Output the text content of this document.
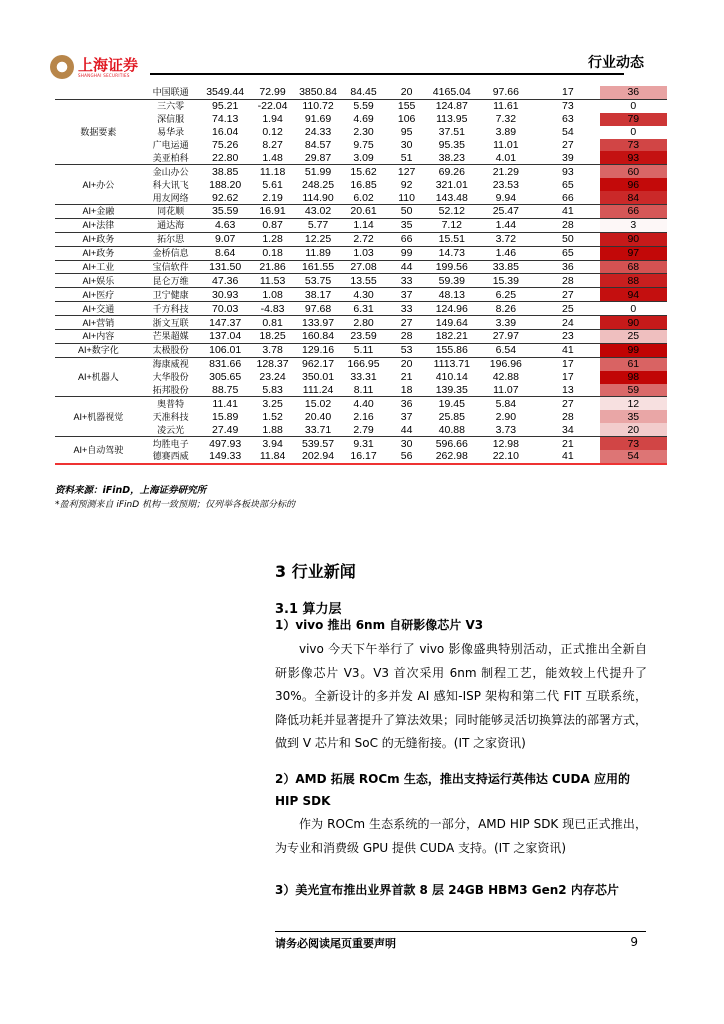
上海证券
SHANGHAI SECURITIES
行业动态
	中国联通	3549.44	72.99	3850.84	84.45	20	4165.04	97.66	17	36
数据要素	三六零	95.21	-22.04	110.72	5.59	155	124.87	11.61	73	0
	深信服	74.13	1.94	91.69	4.69	106	113.95	7.32	63	79
	易华录	16.04	0.12	24.33	2.30	95	37.51	3.89	54	0
	广电运通	75.26	8.27	84.57	9.75	30	95.35	11.01	27	73
	美亚柏科	22.80	1.48	29.87	3.09	51	38.23	4.01	39	93
AI+办公	金山办公	38.85	11.18	51.99	15.62	127	69.26	21.29	93	60
	科大讯飞	188.20	5.61	248.25	16.85	92	321.01	23.53	65	96
	用友网络	92.62	2.19	114.90	6.02	110	143.48	9.94	66	84
AI+金融	同花顺	35.59	16.91	43.02	20.61	50	52.12	25.47	41	66
AI+法律	通达海	4.63	0.87	5.77	1.14	35	7.12	1.44	28	3
AI+政务	拓尔思	9.07	1.28	12.25	2.72	66	15.51	3.72	50	90
AI+政务	金桥信息	8.64	0.18	11.89	1.03	99	14.73	1.46	65	97
AI+工业	宝信软件	131.50	21.86	161.55	27.08	44	199.56	33.85	36	68
AI+娱乐	昆仑万维	47.36	11.53	53.75	13.55	33	59.39	15.39	28	88
AI+医疗	卫宁健康	30.93	1.08	38.17	4.30	37	48.13	6.25	27	94
AI+交通	千方科技	70.03	-4.83	97.68	6.31	33	124.96	8.26	25	0
AI+营销	浙文互联	147.37	0.81	133.97	2.80	27	149.64	3.39	24	90
AI+内容	芒果超媒	137.04	18.25	160.84	23.59	28	182.21	27.97	23	25
AI+数字化	太极股份	106.01	3.78	129.16	5.11	53	155.86	6.54	41	99
AI+机器人	海康威视	831.66	128.37	962.17	166.95	20	1113.71	196.96	17	61
	大华股份	305.65	23.24	350.01	33.31	21	410.14	42.88	17	98
	拓邦股份	88.75	5.83	111.24	8.11	18	139.35	11.07	13	59
AI+机器视觉	奥普特	11.41	3.25	15.02	4.40	36	19.45	5.84	27	12
	天准科技	15.89	1.52	20.40	2.16	37	25.85	2.90	28	35
	凌云光	27.49	1.88	33.71	2.79	44	40.88	3.73	34	20
AI+自动驾驶	均胜电子	497.93	3.94	539.57	9.31	30	596.66	12.98	21	73
	德赛西威	149.33	11.84	202.94	16.17	56	262.98	22.10	41	54
资料来源：iFinD，上海证券研究所
*盈利预测来自 iFinD 机构一致预期；仅列举各板块部分标的
3 行业新闻
3.1 算力层
1）vivo 推出 6nm 自研影像芯片 V3
vivo 今天下午举行了 vivo 影像盛典特别活动，正式推出全新自研影像芯片 V3。V3 首次采用 6nm 制程工艺，能效较上代提升了 30%。全新设计的多并发 AI 感知-ISP 架构和第二代 FIT 互联系统，降低功耗并显著提升了算法效果；同时能够灵活切换算法的部署方式，做到 V 芯片和 SoC 的无缝衔接。(IT 之家资讯)
2）AMD 拓展 ROCm 生态，推出支持运行英伟达 CUDA 应用的 HIP SDK
作为 ROCm 生态系统的一部分，AMD HIP SDK 现已正式推出，为专业和消费级 GPU 提供 CUDA 支持。(IT 之家资讯)
3）美光宣布推出业界首款 8 层 24GB HBM3 Gen2 内存芯片
请务必阅读尾页重要声明	9
